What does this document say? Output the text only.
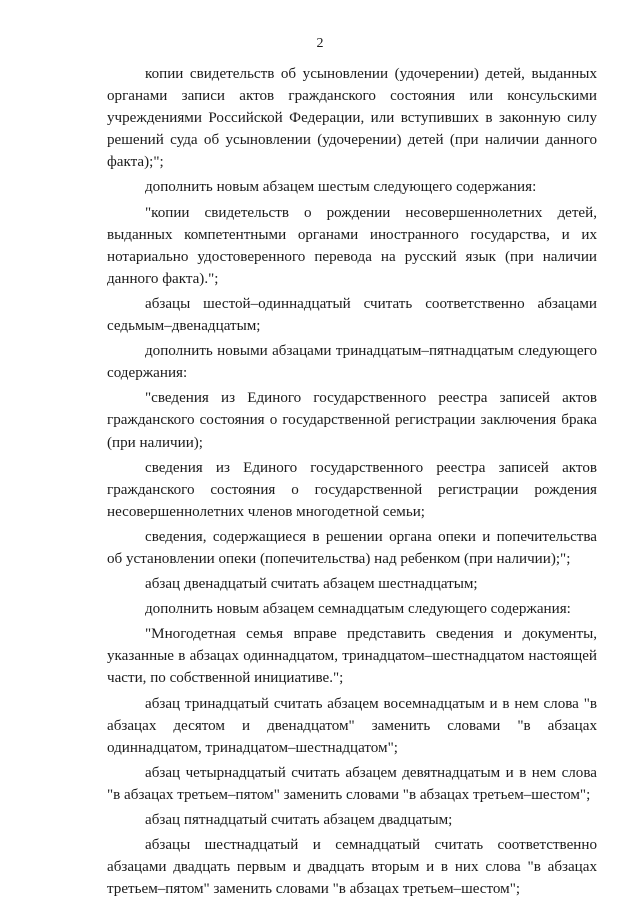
2

копии свидетельств об усыновлении (удочерении) детей, выданных органами записи актов гражданского состояния или консульскими учреждениями Российской Федерации, или вступивших в законную силу решений суда об усыновлении (удочерении) детей (при наличии данного факта);";

дополнить новым абзацем шестым следующего содержания:

"копии свидетельств о рождении несовершеннолетних детей, выданных компетентными органами иностранного государства, и их нотариально удостоверенного перевода на русский язык (при наличии данного факта).";

абзацы шестой–одиннадцатый считать соответственно абзацами седьмым–двенадцатым;

дополнить новыми абзацами тринадцатым–пятнадцатым следующего содержания:

"сведения из Единого государственного реестра записей актов гражданского состояния о государственной регистрации заключения брака (при наличии);

сведения из Единого государственного реестра записей актов гражданского состояния о государственной регистрации рождения несовершеннолетних членов многодетной семьи;

сведения, содержащиеся в решении органа опеки и попечительства об установлении опеки (попечительства) над ребенком (при наличии);";

абзац двенадцатый считать абзацем шестнадцатым;

дополнить новым абзацем семнадцатым следующего содержания:

"Многодетная семья вправе представить сведения и документы, указанные в абзацах одиннадцатом, тринадцатом–шестнадцатом настоящей части, по собственной инициативе.";

абзац тринадцатый считать абзацем восемнадцатым и в нем слова "в абзацах десятом и двенадцатом" заменить словами "в абзацах одиннадцатом, тринадцатом–шестнадцатом";

абзац четырнадцатый считать абзацем девятнадцатым и в нем слова "в абзацах третьем–пятом" заменить словами "в абзацах третьем–шестом";

абзац пятнадцатый считать абзацем двадцатым;

абзацы шестнадцатый и семнадцатый считать соответственно абзацами двадцать первым и двадцать вторым и в них слова "в абзацах третьем–пятом" заменить словами "в абзацах третьем–шестом";
